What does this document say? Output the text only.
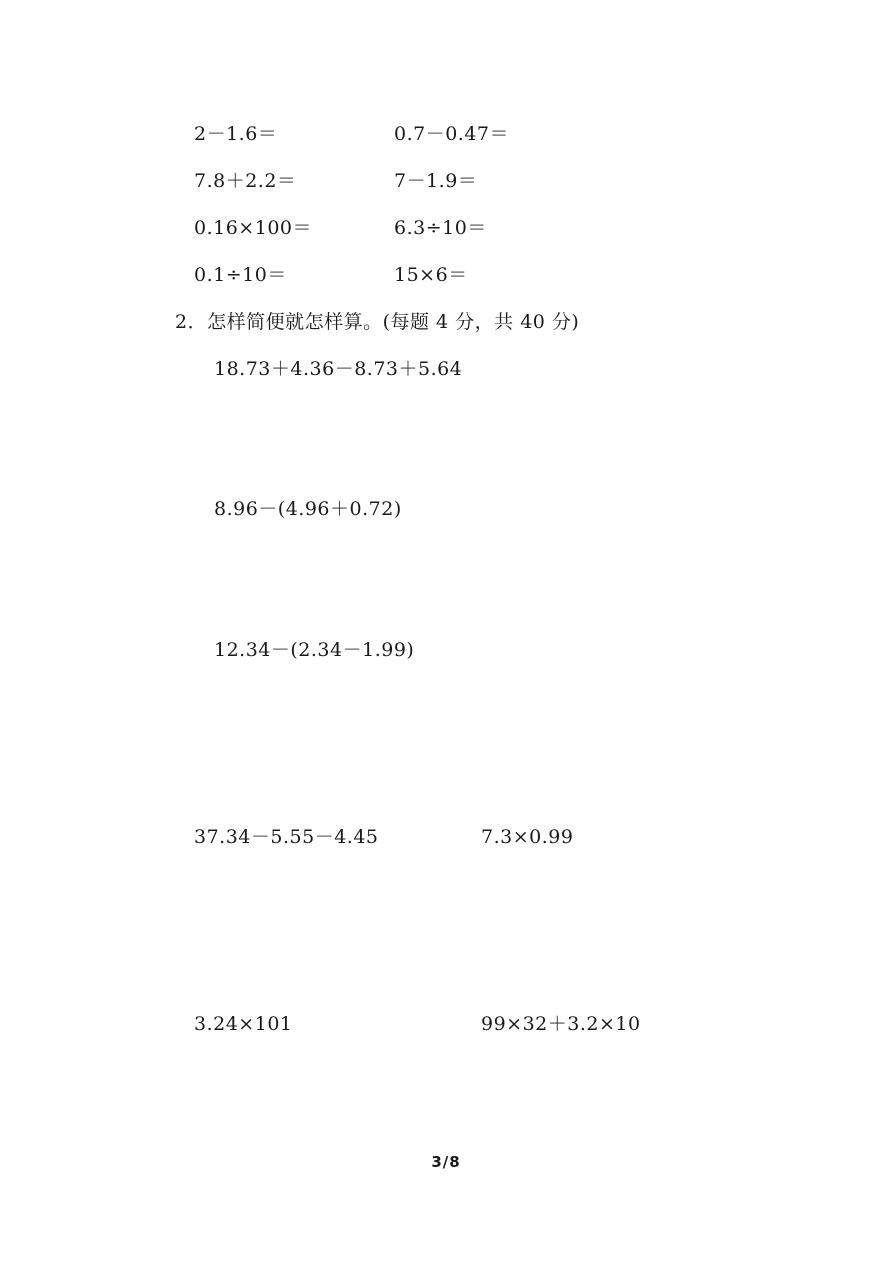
2－1.6＝	0.7－0.47＝
7.8＋2.2＝	7－1.9＝
0.16×100＝	6.3÷10＝
0.1÷10＝	15×6＝
2．怎样简便就怎样算。(每题 4 分，共 40 分)
18.73＋4.36－8.73＋5.64
8.96－(4.96＋0.72)
12.34－(2.34－1.99)
37.34－5.55－4.45	7.3×0.99
3.24×101	99×32＋3.2×10
3/8
